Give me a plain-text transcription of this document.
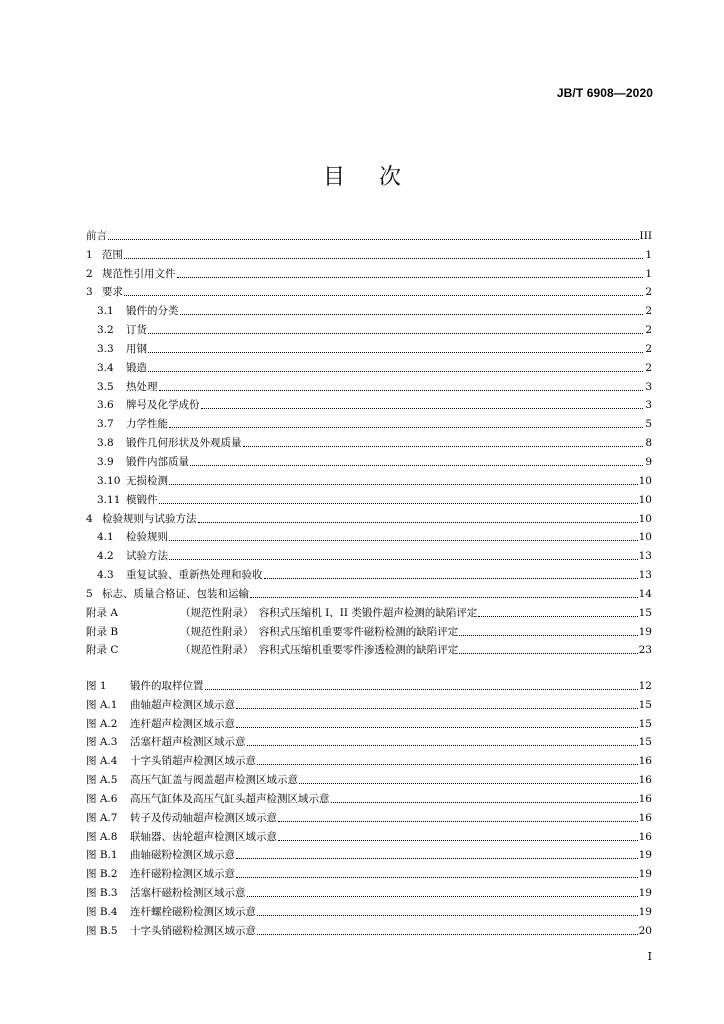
JB/T 6908—2020
目次
前言	III
1 范围	1
2 规范性引用文件	1
3 要求	2
3.1	锻件的分类	2
3.2	订货	2
3.3	用钢	2
3.4	锻造	2
3.5	热处理	3
3.6	牌号及化学成份	3
3.7	力学性能	5
3.8	锻件几何形状及外观质量	8
3.9	锻件内部质量	9
3.10 无损检测	10
3.11 模锻件	10
4 检验规则与试验方法	10
4.1	检验规则	10
4.2	试验方法	13
4.3	重复试验、重新热处理和验收	13
5 标志、质量合格证、包装和运输	14
附录 A	（规范性附录）　容积式压缩机 I、II 类锻件超声检测的缺陷评定	15
附录 B	（规范性附录）　容积式压缩机重要零件磁粉检测的缺陷评定	19
附录 C	（规范性附录）　容积式压缩机重要零件渗透检测的缺陷评定	23
图 1	锻件的取样位置	12
图 A.1	曲轴超声检测区域示意	15
图 A.2	连杆超声检测区域示意	15
图 A.3	活塞杆超声检测区域示意	15
图 A.4	十字头销超声检测区域示意	16
图 A.5	高压气缸盖与阀盖超声检测区域示意	16
图 A.6	高压气缸体及高压气缸头超声检测区域示意	16
图 A.7	转子及传动轴超声检测区域示意	16
图 A.8	联轴器、齿轮超声检测区域示意	16
图 B.1	曲轴磁粉检测区域示意	19
图 B.2	连杆磁粉检测区域示意	19
图 B.3	活塞杆磁粉检测区域示意	19
图 B.4	连杆螺栓磁粉检测区域示意	19
图 B.5	十字头销磁粉检测区域示意	20
I
